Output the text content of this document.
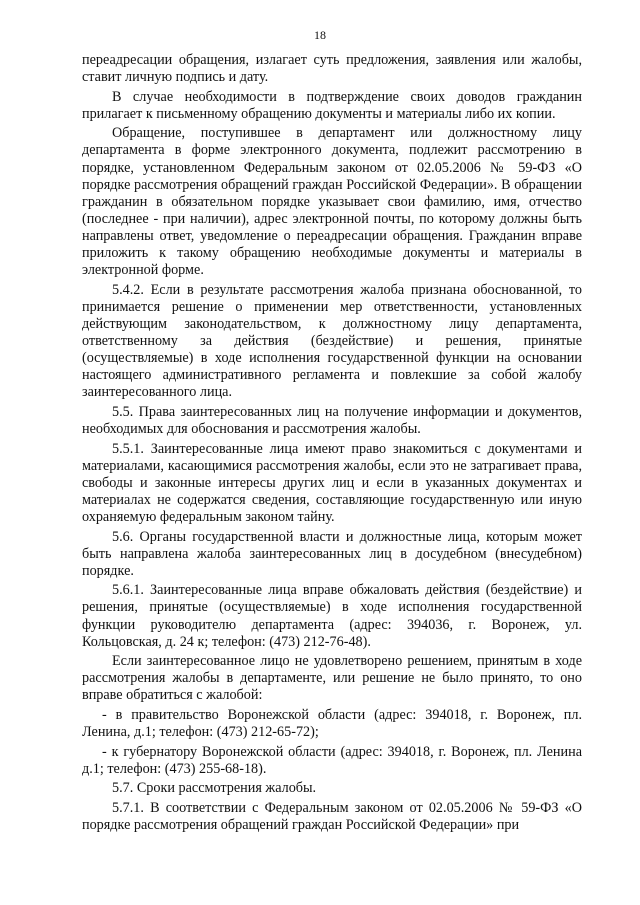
18

переадресации обращения, излагает суть предложения, заявления или жалобы, ставит личную подпись и дату.

В случае необходимости в подтверждение своих доводов гражданин прилагает к письменному обращению документы и материалы либо их копии.

Обращение, поступившее в департамент или должностному лицу департамента в форме электронного документа, подлежит рассмотрению в порядке, установленном Федеральным законом от 02.05.2006 № 59-ФЗ «О порядке рассмотрения обращений граждан Российской Федерации». В обращении гражданин в обязательном порядке указывает свои фамилию, имя, отчество (последнее - при наличии), адрес электронной почты, по которому должны быть направлены ответ, уведомление о переадресации обращения. Гражданин вправе приложить к такому обращению необходимые документы и материалы в электронной форме.

5.4.2. Если в результате рассмотрения жалоба признана обоснованной, то принимается решение о применении мер ответственности, установленных действующим законодательством, к должностному лицу департамента, ответственному за действия (бездействие) и решения, принятые (осуществляемые) в ходе исполнения государственной функции на основании настоящего административного регламента и повлекшие за собой жалобу заинтересованного лица.

5.5. Права заинтересованных лиц на получение информации и документов, необходимых для обоснования и рассмотрения жалобы.

5.5.1. Заинтересованные лица имеют право знакомиться с документами и материалами, касающимися рассмотрения жалобы, если это не затрагивает права, свободы и законные интересы других лиц и если в указанных документах и материалах не содержатся сведения, составляющие государственную или иную охраняемую федеральным законом тайну.

5.6. Органы государственной власти и должностные лица, которым может быть направлена жалоба заинтересованных лиц в досудебном (внесудебном) порядке.

5.6.1. Заинтересованные лица вправе обжаловать действия (бездействие) и решения, принятые (осуществляемые) в ходе исполнения государственной функции руководителю департамента (адрес: 394036, г. Воронеж, ул. Кольцовская, д. 24 к; телефон: (473) 212-76-48).

Если заинтересованное лицо не удовлетворено решением, принятым в ходе рассмотрения жалобы в департаменте, или решение не было принято, то оно вправе обратиться с жалобой:

- в правительство Воронежской области (адрес: 394018, г. Воронеж, пл. Ленина, д.1; телефон: (473) 212-65-72);

- к губернатору Воронежской области (адрес: 394018, г. Воронеж, пл. Ленина д.1; телефон: (473) 255-68-18).

5.7. Сроки рассмотрения жалобы.

5.7.1. В соответствии с Федеральным законом от 02.05.2006 № 59-ФЗ «О порядке рассмотрения обращений граждан Российской Федерации» при
